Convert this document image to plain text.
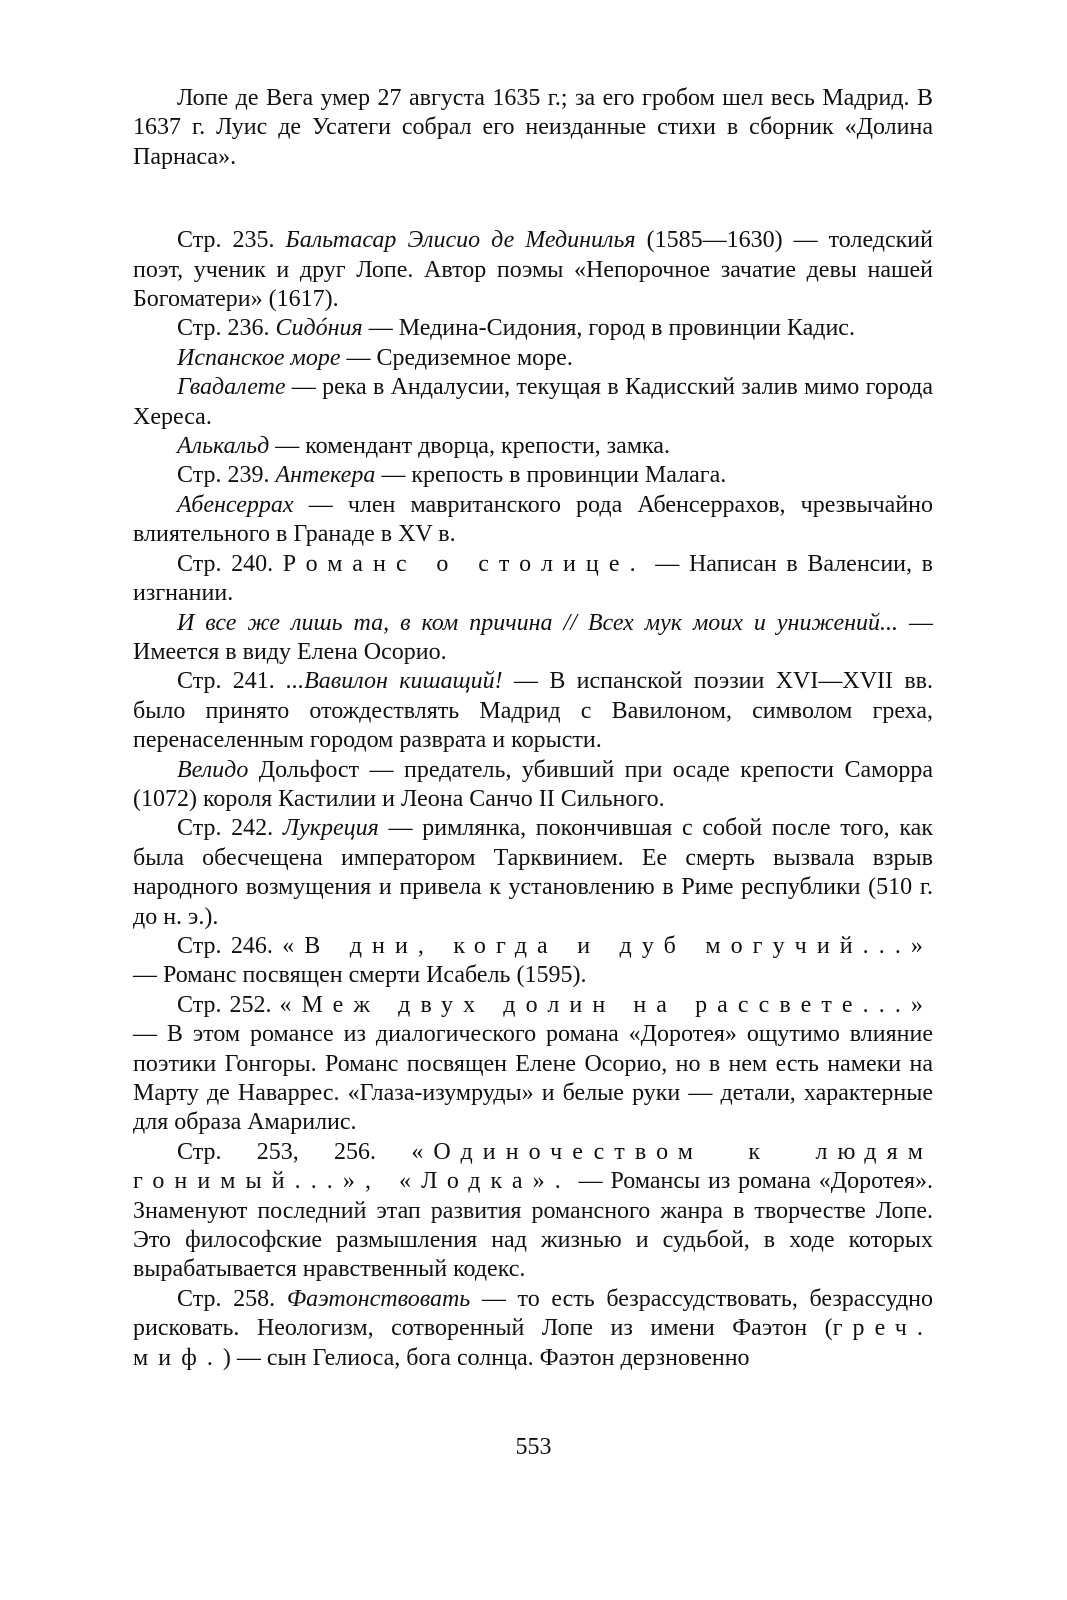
Лопе де Вега умер 27 августа 1635 г.; за его гробом шел весь Мадрид. В 1637 г. Луис де Усатеги собрал его неизданные стихи в сборник «Долина Парнаса».

Стр. 235. Бальтасар Элисио де Мединилья (1585—1630) — толедский поэт, ученик и друг Лопе. Автор поэмы «Непорочное зачатие девы нашей Богоматери» (1617).

Стр. 236. Сидóния — Медина-Сидония, город в провинции Кадис.

Испанское море — Средиземное море.

Гвадалете — река в Андалусии, текущая в Кадисский залив мимо города Хереса.

Алькальд — комендант дворца, крепости, замка.

Стр. 239. Антекера — крепость в провинции Малага.

Абенсеррах — член мавританского рода Абенсеррахов, чрезвычайно влиятельного в Гранаде в XV в.

Стр. 240. Романс о столице. — Написан в Валенсии, в изгнании.

И все же лишь та, в ком причина // Всех мук моих и унижений... — Имеется в виду Елена Осорио.

Стр. 241. ...Вавилон кишащий! — В испанской поэзии XVI—XVII вв. было принято отождествлять Мадрид с Вавилоном, символом греха, перенаселенным городом разврата и корысти.

Велидо Дольфост — предатель, убивший при осаде крепости Саморра (1072) короля Кастилии и Леона Санчо II Сильного.

Стр. 242. Лукреция — римлянка, покончившая с собой после того, как была обесчещена императором Тарквинием. Ее смерть вызвала взрыв народного возмущения и привела к установлению в Риме республики (510 г. до н. э.).

Стр. 246. «В дни, когда и дуб могучий...» — Романс посвящен смерти Исабель (1595).

Стр. 252. «Меж двух долин на рассвете...» — В этом романсе из диалогического романа «Доротея» ощутимо влияние поэтики Гонгоры. Романс посвящен Елене Осорио, но в нем есть намеки на Марту де Наваррес. «Глаза-изумруды» и белые руки — детали, характерные для образа Амарилис.

Стр. 253, 256. «Одиночеством к людям гонимый...», «Лодка». — Романсы из романа «Доротея». Знаменуют последний этап развития романсного жанра в творчестве Лопе. Это философские размышления над жизнью и судьбой, в ходе которых вырабатывается нравственный кодекс.

Стр. 258. Фаэтонствовать — то есть безрассудствовать, безрассудно рисковать. Неологизм, сотворенный Лопе из имени Фаэтон (греч. миф.) — сын Гелиоса, бога солнца. Фаэтон дерзновенно

553
